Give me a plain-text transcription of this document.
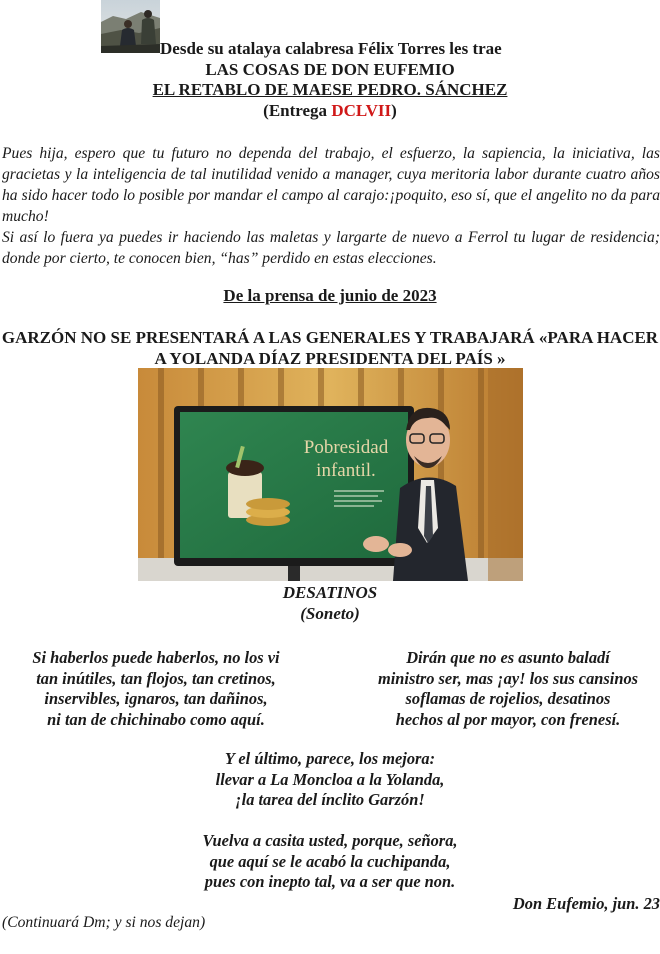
Desde su atalaya calabresa Félix Torres les trae
LAS COSAS DE DON EUFEMIO
EL RETABLO DE MAESE PEDRO. SÁNCHEZ
(Entrega DCLVII)

Pues hija, espero que tu futuro no dependa del trabajo, el esfuerzo, la sapiencia, la iniciativa, las gracietas y la inteligencia de tal inutilidad venido a manager, cuya meritoria labor durante cuatro años ha sido hacer todo lo posible por mandar el campo al carajo:¡poquito, eso sí, que el angelito no da para mucho!

Si así lo fuera ya puedes ir haciendo las maletas y largarte de nuevo a Ferrol tu lugar de residencia; donde por cierto, te conocen bien, “has” perdido en estas elecciones.

De la prensa de junio de 2023
GARZÓN NO SE PRESENTARÁ A LAS GENERALES Y TRABAJARÁ «PARA HACER A YOLANDA DÍAZ PRESIDENTA DEL PAÍS »
Pobresidad
infantil.
DESATINOS
(Soneto)
Si haberlos puede haberlos, no los vi
tan inútiles, tan flojos, tan cretinos,
inservibles, ignaros, tan dañinos,
ni tan de chichinabo como aquí.
Dirán que no es asunto baladí
ministro ser, mas ¡ay! los sus cansinos
soflamas de rojelios, desatinos
hechos al por mayor, con frenesí.
Y el último, parece, los mejora:
llevar a La Moncloa a la Yolanda,
¡la tarea del ínclito Garzón!
Vuelva a casita usted, porque, señora,
que aquí se le acabó la cuchipanda,
pues con inepto tal, va a ser que non.
Don Eufemio, jun. 23
(Continuará Dm; y si nos dejan)
